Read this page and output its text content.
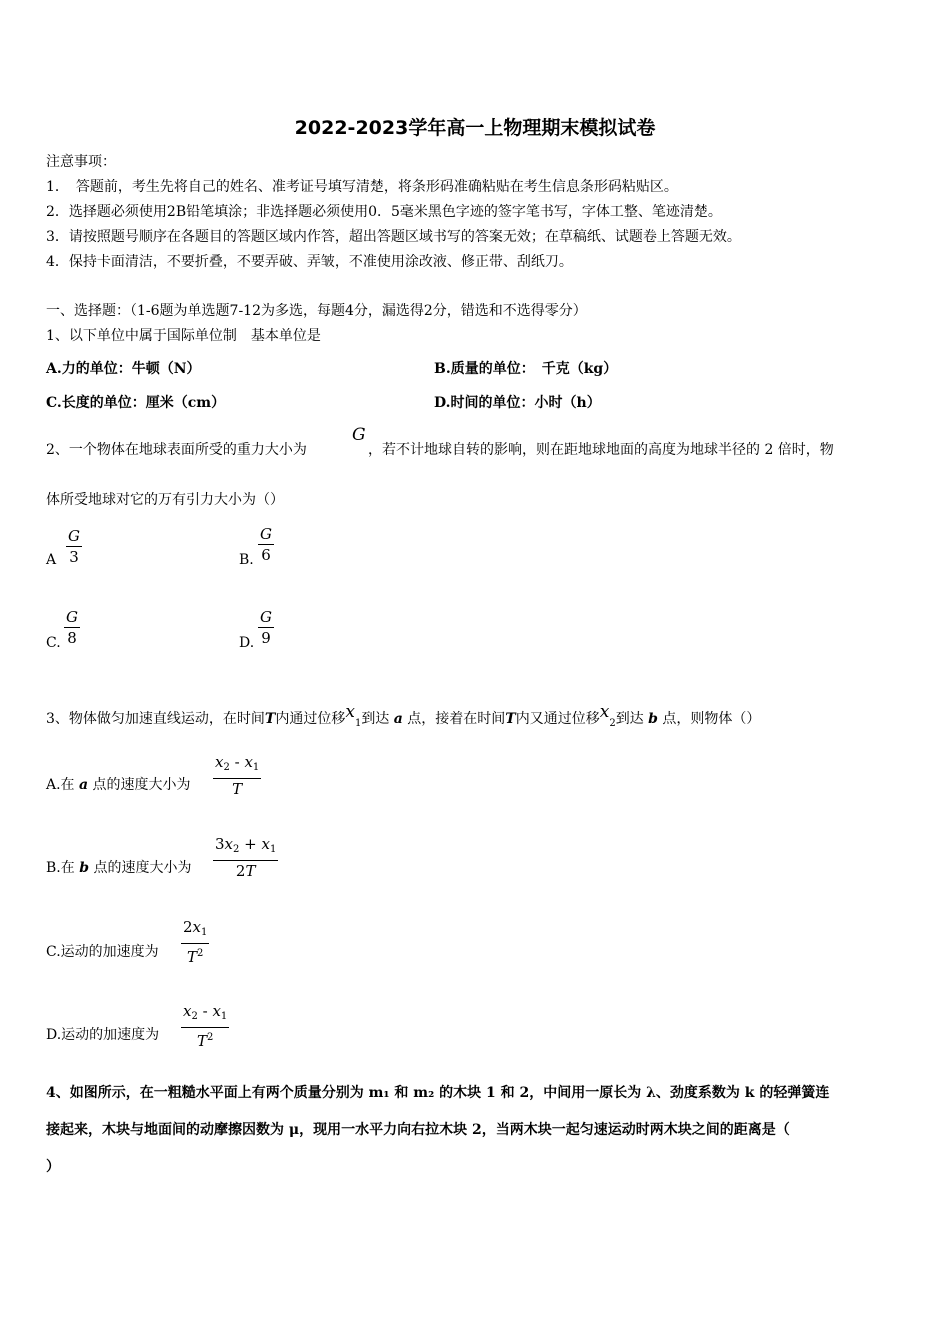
2022-2023学年高一上物理期末模拟试卷
注意事项：
1．　答题前，考生先将自己的姓名、准考证号填写清楚，将条形码准确粘贴在考生信息条形码粘贴区。
2．选择题必须使用2B铅笔填涂；非选择题必须使用0．5毫米黑色字迹的签字笔书写，字体工整、笔迹清楚。
3．请按照题号顺序在各题目的答题区域内作答，超出答题区域书写的答案无效；在草稿纸、试题卷上答题无效。
4．保持卡面清洁，不要折叠，不要弄破、弄皱，不准使用涂改液、修正带、刮纸刀。
一、选择题：（1-6题为单选题7-12为多选，每题4分，漏选得2分，错选和不选得零分）
1、以下单位中属于国际单位制　基本单位是
A.力的单位：牛顿（N）	B.质量的单位：　千克（kg）
C.长度的单位：厘米（cm）	D.时间的单位：小时（h）
2、一个物体在地球表面所受的重力大小为
G
，若不计地球自转的影响，则在距地球地面的高度为地球半径的 2 倍时，物
体所受地球对它的万有引力大小为（）
A
G
3	B.
G
6
C.
G
8	D.
G
9
3、物体做匀加速直线运动，在时间T内通过位移$x_1$到达 a 点，接着在时间T内又通过位移$x_2$到达 b 点，则物体（）
A.在 a 点的速度大小为
$x_2 - x_1$
T
B.在 b 点的速度大小为
$3x_2 + x_1$
2T
C.运动的加速度为
$2x_1$
$T^2$
D.运动的加速度为
$x_2 - x_1$
$T^2$
4、如图所示，在一粗糙水平面上有两个质量分别为 m₁ 和 m₂ 的木块 1 和 2，中间用一原长为 λ、劲度系数为 k 的轻弹簧连
接起来，木块与地面间的动摩擦因数为 μ，现用一水平力向右拉木块 2，当两木块一起匀速运动时两木块之间的距离是（
）
